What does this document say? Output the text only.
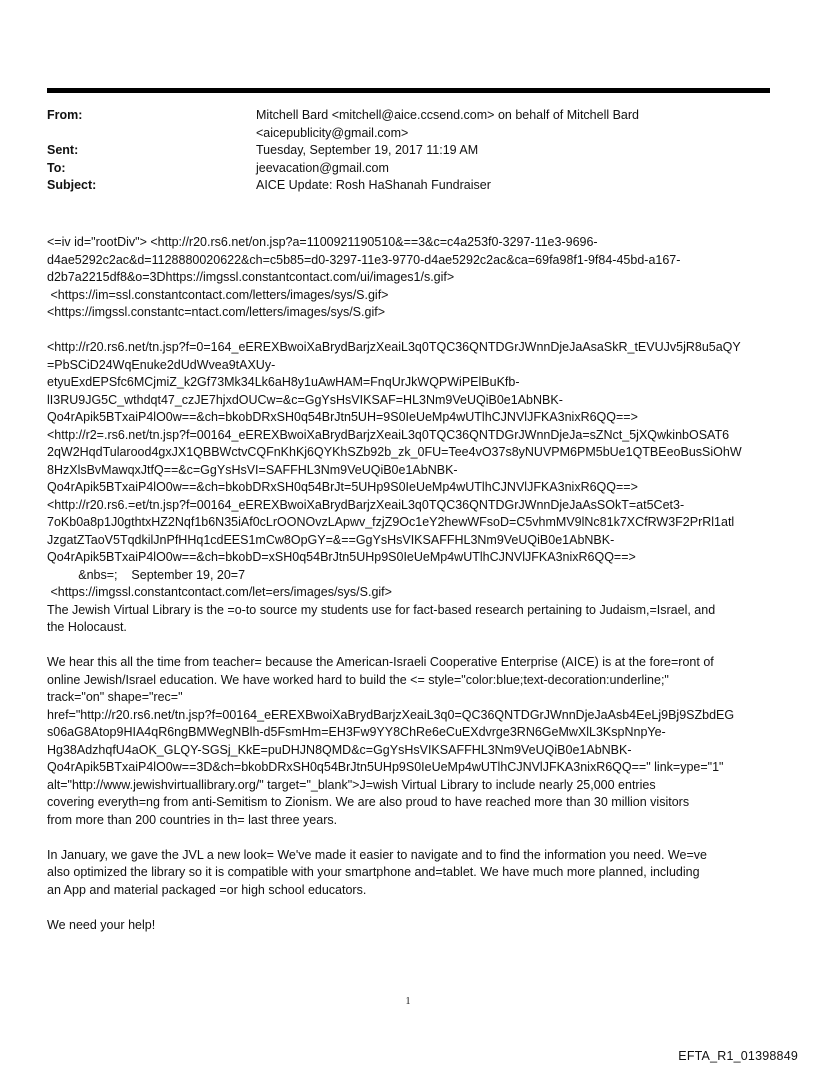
From:	Mitchell Bard <mitchell@aice.ccsend.com> on behalf of Mitchell Bard
<aicepublicity@gmail.com>
Sent:	Tuesday, September 19, 2017 11:19 AM
To:	jeevacation@gmail.com
Subject:	AICE Update: Rosh HaShanah Fundraiser

<=iv id="rootDiv"> <http://r20.rs6.net/on.jsp?a=1100921190510&==3&c=c4a253f0-3297-11e3-9696-

d4ae5292c2ac&d=1128880020622&ch=c5b85=d0-3297-11e3-9770-d4ae5292c2ac&ca=69fa98f1-9f84-45bd-a167-

d2b7a2215df8&o=3Dhttps://imgssl.constantcontact.com/ui/images1/s.gif>

<https://im=ssl.constantcontact.com/letters/images/sys/S.gif>

<https://imgssl.constantc=ntact.com/letters/images/sys/S.gif>

<http://r20.rs6.net/tn.jsp?f=0=164_eEREXBwoiXaBrydBarjzXeaiL3q0TQC36QNTDGrJWnnDjeJaAsaSkR_tEVUJv5jR8u5aQY

=PbSCiD24WqEnuke2dUdWvea9tAXUy-

etyuExdEPSfc6MCjmiZ_k2Gf73Mk34Lk6aH8y1uAwHAM=FnqUrJkWQPWiPElBuKfb-

lI3RU9JG5C_wthdqt47_czJE7hjxdOUCw=&c=GgYsHsVIKSAF=HL3Nm9VeUQiB0e1AbNBK-

Qo4rApik5BTxaiP4lO0w==&ch=bkobDRxSH0q54BrJtn5UH=9S0IeUeMp4wUTlhCJNVlJFKA3nixR6QQ==>

<http://r2=.rs6.net/tn.jsp?f=00164_eEREXBwoiXaBrydBarjzXeaiL3q0TQC36QNTDGrJWnnDjeJa=sZNct_5jXQwkinbOSAT6

2qW2HqdTularood4gxJX1QBBWctvCQFnKhKj6QYKhSZb92b_zk_0FU=Tee4vO37s8yNUVPM6PM5bUe1QTBEeoBusSiOhW

8HzXlsBvMawqxJtfQ==&c=GgYsHsVI=SAFFHL3Nm9VeUQiB0e1AbNBK-

Qo4rApik5BTxaiP4lO0w==&ch=bkobDRxSH0q54BrJt=5UHp9S0IeUeMp4wUTlhCJNVlJFKA3nixR6QQ==>

<http://r20.rs6.=et/tn.jsp?f=00164_eEREXBwoiXaBrydBarjzXeaiL3q0TQC36QNTDGrJWnnDjeJaAsSOkT=at5Cet3-

7oKb0a8p1J0gthtxHZ2Nqf1b6N35iAf0cLrOONOvzLApwv_fzjZ9Oc1eY2hewWFsoD=C5vhmMV9lNc81k7XCfRW3F2PrRl1atl

JzgatZTaoV5TqdkilJnPfHHq1cdEES1mCw8OpGY=&==GgYsHsVIKSAFFHL3Nm9VeUQiB0e1AbNBK-

Qo4rApik5BTxaiP4lO0w==&ch=bkobD=xSH0q54BrJtn5UHp9S0IeUeMp4wUTlhCJNVlJFKA3nixR6QQ==>

&nbs=;    September 19, 20=7

<https://imgssl.constantcontact.com/let=ers/images/sys/S.gif>

The Jewish Virtual Library is the =o-to source my students use for fact-based research pertaining to Judaism,=Israel, and

the Holocaust.

We hear this all the time from teacher= because the American-Israeli Cooperative Enterprise (AICE) is at the fore=ront of

online Jewish/Israel education. We have worked hard to build the <= style="color:blue;text-decoration:underline;"

track="on" shape="rec="

href="http://r20.rs6.net/tn.jsp?f=00164_eEREXBwoiXaBrydBarjzXeaiL3q0=QC36QNTDGrJWnnDjeJaAsb4EeLj9Bj9SZbdEG

s06aG8Atop9HIA4qR6ngBMWegNBlh-d5FsmHm=EH3Fw9YY8ChRe6eCuEXdvrge3RN6GeMwXlL3KspNnpYe-

Hg38AdzhqfU4aOK_GLQY-SGSj_KkE=puDHJN8QMD&c=GgYsHsVIKSAFFHL3Nm9VeUQiB0e1AbNBK-

Qo4rApik5BTxaiP4lO0w==3D&ch=bkobDRxSH0q54BrJtn5UHp9S0IeUeMp4wUTlhCJNVlJFKA3nixR6QQ==" link=ype="1"

alt="http://www.jewishvirtuallibrary.org/" target="_blank">J=wish Virtual Library to include nearly 25,000 entries

covering everyth=ng from anti-Semitism to Zionism. We are also proud to have reached more than 30 million visitors

from more than 200 countries in th= last three years.

In January, we gave the JVL a new look= We've made it easier to navigate and to find the information you need. We=ve

also optimized the library so it is compatible with your smartphone and=tablet. We have much more planned, including

an App and material packaged =or high school educators.

We need your help!

1
EFTA_R1_01398849
